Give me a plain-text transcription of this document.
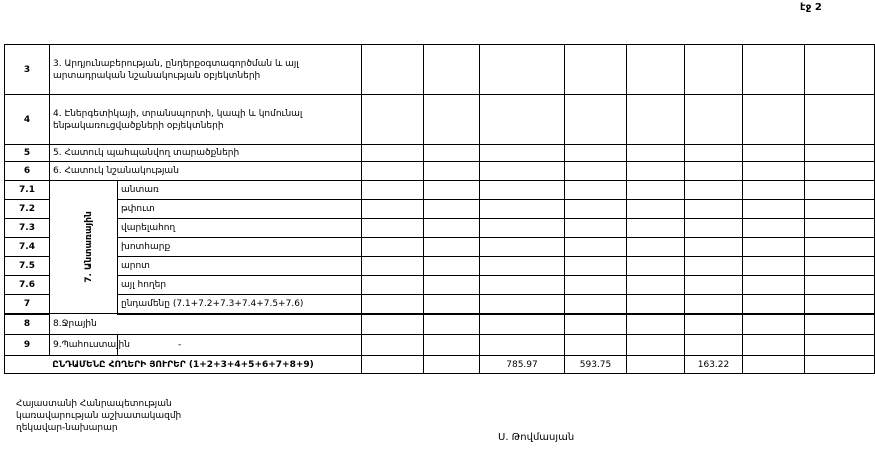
էջ 2
3	3. Արդյունաբերության, ընդերքօգտագործման և այլ արտադրական նշանակության օբյեկտների									
4	4. Էներգետիկայի, տրանսպորտի, կապի և կոմունալ ենթակառուցվածքների օբյեկտների									
5	5. Հատուկ պահպանվող տարածքների									
6	6. Հատուկ նշանակության									
7.1	7. Անտառային	անտառ								
7.2		թփուտ								
7.3		վարելահող								
7.4		խոտհարք								
7.5		արոտ								
7.6		այլ հողեր								
7		ընդամենը (7.1+7.2+7.3+7.4+7.5+7.6)								
8	8.Ջրային									
9	9.Պահուստային	-								
ԸՆԴԱՄԵՆԸ ՀՈՂԵՐԻ ՅՈՒՐԵՐ (1+2+3+4+5+6+7+8+9)					785.97	593.75		163.22		
Հայաստանի Հանրապետության
կառավարության աշխատակազմի
ղեկավար-նախարար
Ս. Թովմասյան
